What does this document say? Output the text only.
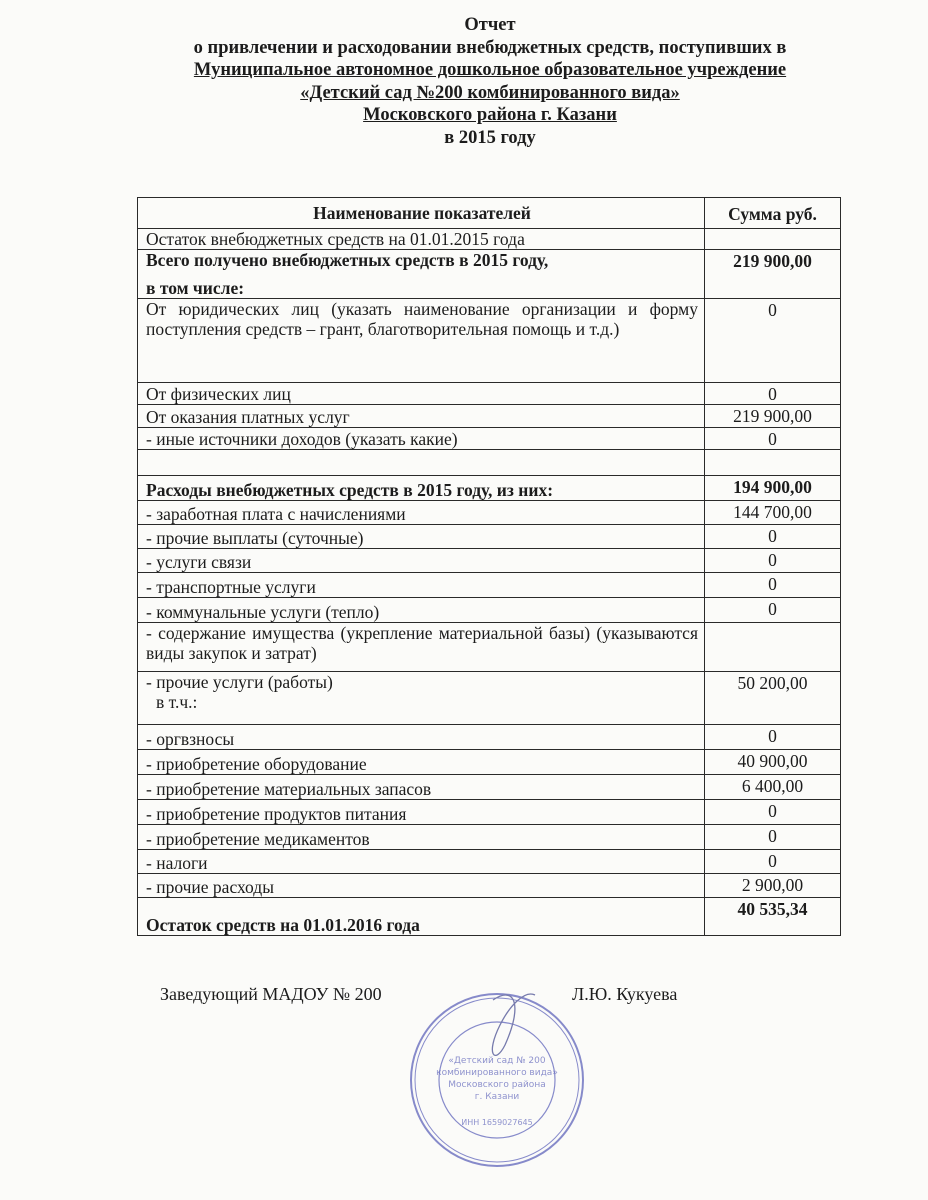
Отчет
о привлечении и расходовании внебюджетных средств, поступивших в
Муниципальное автономное дошкольное образовательное учреждение
«Детский сад №200 комбинированного вида»
Московского района г. Казани
в 2015 году
Наименование показателей	Сумма руб.
Остаток внебюджетных средств на 01.01.2015 года	
Всего получено внебюджетных средств в 2015 году,
в том числе:	219 900,00
От юридических лиц (указать наименование организации и форму поступления средств – грант, благотворительная помощь и т.д.)	0
От физических лиц	0
От оказания платных услуг	219 900,00
- иные источники доходов (указать какие)	0

Расходы внебюджетных средств в 2015 году, из них:	194 900,00
- заработная плата с начислениями	144 700,00
- прочие выплаты (суточные)	0
- услуги связи	0
- транспортные услуги	0
- коммунальные услуги (тепло)	0
- содержание имущества (укрепление материальной базы) (указываются виды закупок и затрат)	
- прочие услуги (работы)
в т.ч.:	50 200,00
- оргвзносы	0
- приобретение оборудование	40 900,00
- приобретение материальных запасов	6 400,00
- приобретение продуктов питания	0
- приобретение медикаментов	0
- налоги	0
- прочие расходы	2 900,00
Остаток средств на 01.01.2016 года	40 535,34
Заведующий МАДОУ № 200	Л.Ю. Кукуева
«Детский сад № 200
комбинированного вида»
Московского района
г. Казани
ИНН 1659027645
